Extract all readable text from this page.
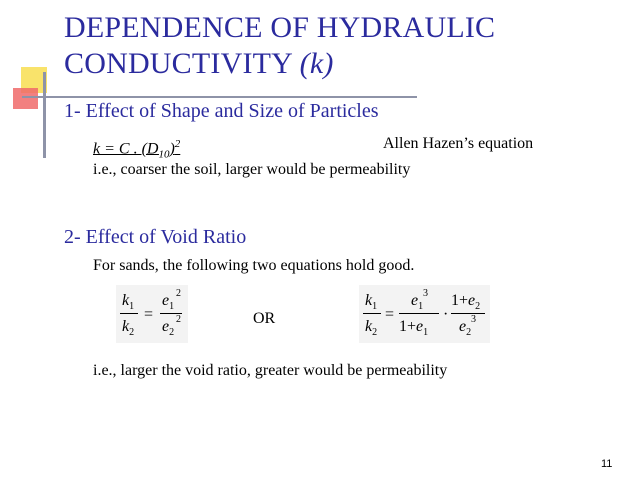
DEPENDENCE OF HYDRAULIC CONDUCTIVITY (k)
1- Effect of Shape and Size of Particles
k = C . $(D_{10})^2$	Allen Hazen’s equation
i.e., coarser the soil, larger would be permeability
2- Effect of Void Ratio
For sands, the following two equations hold good.
$k_1$
$k_2$
=
$e_1$
2
$e_2$
2	OR
$k_1$
$k_2$
=
$e_1$
3
$1+e_1$
·
$1+e_2$
$e_2$
3
i.e., larger the void ratio, greater would be permeability
11
